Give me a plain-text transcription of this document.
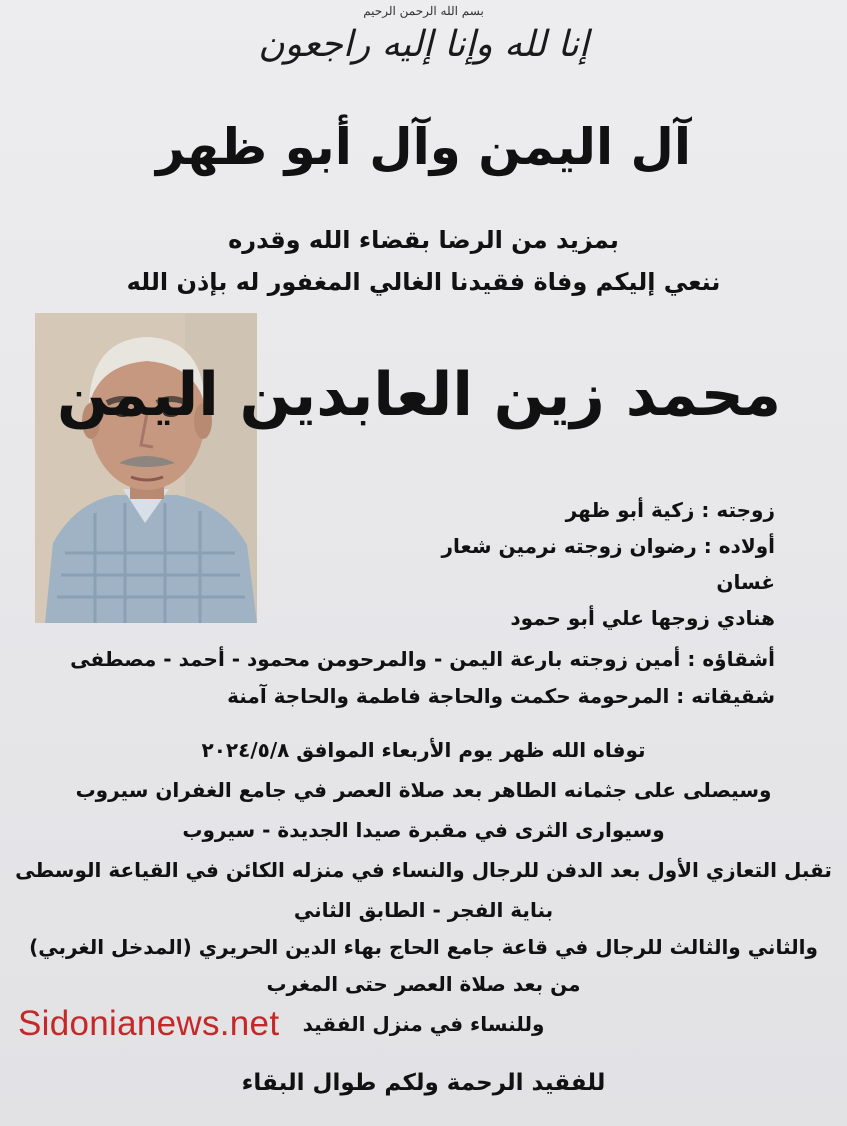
بسم الله الرحمن الرحيم
إنا لله وإنا إليه راجعون
آل اليمن وآل أبو ظهر
بمزيد من الرضا بقضاء الله وقدره
ننعي إليكم وفاة فقيدنا الغالي المغفور له بإذن الله
محمد زين العابدين اليمن
زوجته : زكية أبو ظهر
أولاده : رضوان زوجته نرمين شعار
غسان
هنادي زوجها علي أبو حمود
أشقاؤه : أمين زوجته بارعة اليمن - والمرحومن محمود - أحمد - مصطفى
شقيقاته : المرحومة حكمت والحاجة فاطمة والحاجة آمنة
توفاه الله ظهر يوم الأربعاء الموافق ٢٠٢٤/٥/٨
وسيصلى على جثمانه الطاهر بعد صلاة العصر في جامع الغفران سيروب
وسيوارى الثرى في مقبرة صيدا الجديدة - سيروب
تقبل التعازي الأول بعد الدفن للرجال والنساء في منزله الكائن في القياعة الوسطى
بناية الفجر - الطابق الثاني
والثاني والثالث للرجال في قاعة جامع الحاج بهاء الدين الحريري (المدخل الغربي)
من بعد صلاة العصر حتى المغرب
وللنساء في منزل الفقيد
للفقيد الرحمة ولكم طوال البقاء
Sidonianews.net
